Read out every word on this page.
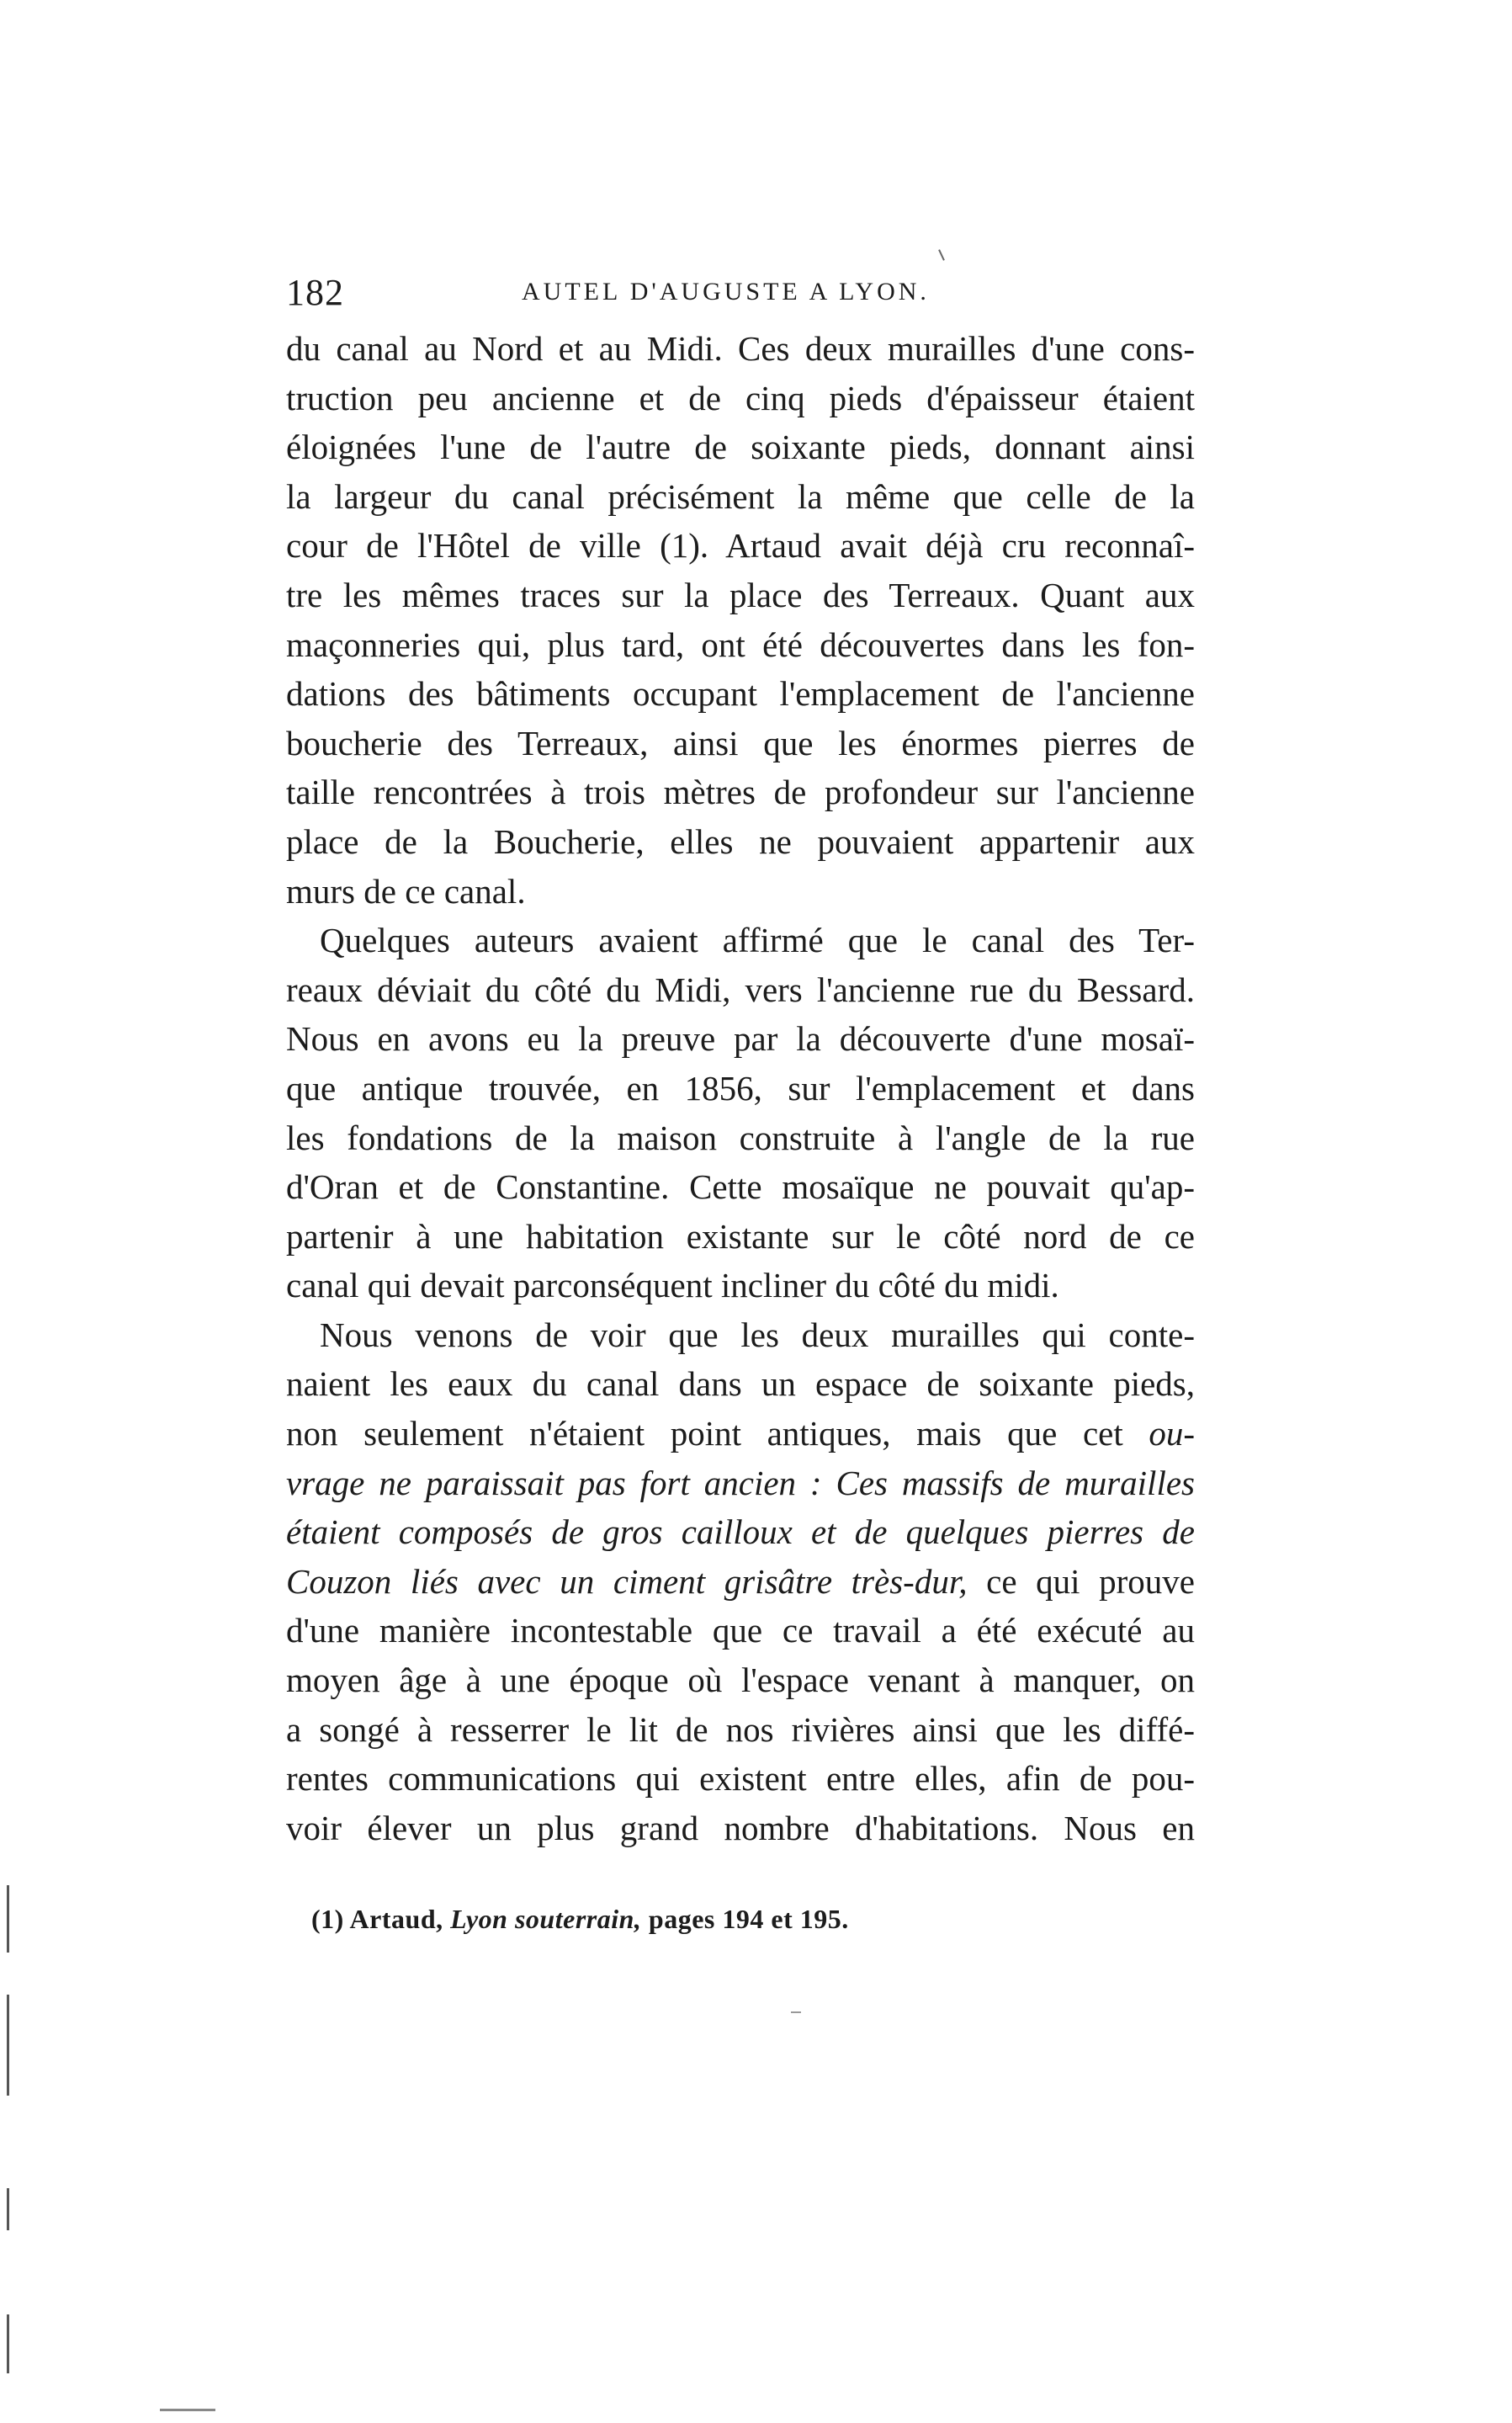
182	AUTEL D'AUGUSTE A LYON.
du canal au Nord et au Midi. Ces deux murailles d'une cons-
truction peu ancienne et de cinq pieds d'épaisseur étaient
éloignées l'une de l'autre de soixante pieds, donnant ainsi
la largeur du canal précisément la même que celle de la
cour de l'Hôtel de ville (1). Artaud avait déjà cru reconnaî-
tre les mêmes traces sur la place des Terreaux. Quant aux
maçonneries qui, plus tard, ont été découvertes dans les fon-
dations des bâtiments occupant l'emplacement de l'ancienne
boucherie des Terreaux, ainsi que les énormes pierres de
taille rencontrées à trois mètres de profondeur sur l'ancienne
place de la Boucherie, elles ne pouvaient appartenir aux
murs de ce canal.
Quelques auteurs avaient affirmé que le canal des Ter-
reaux déviait du côté du Midi, vers l'ancienne rue du Bessard.
Nous en avons eu la preuve par la découverte d'une mosaï-
que antique trouvée, en 1856, sur l'emplacement et dans
les fondations de la maison construite à l'angle de la rue
d'Oran et de Constantine. Cette mosaïque ne pouvait qu'ap-
partenir à une habitation existante sur le côté nord de ce
canal qui devait parconséquent incliner du côté du midi.
Nous venons de voir que les deux murailles qui conte-
naient les eaux du canal dans un espace de soixante pieds,
non seulement n'étaient point antiques, mais que cet ou-
vrage ne paraissait pas fort ancien : Ces massifs de murailles
étaient composés de gros cailloux et de quelques pierres de
Couzon liés avec un ciment grisâtre très-dur, ce qui prouve
d'une manière incontestable que ce travail a été exécuté au
moyen âge à une époque où l'espace venant à manquer, on
a songé à resserrer le lit de nos rivières ainsi que les diffé-
rentes communications qui existent entre elles, afin de pou-
voir élever un plus grand nombre d'habitations. Nous en
(1) Artaud, Lyon souterrain, pages 194 et 195.
